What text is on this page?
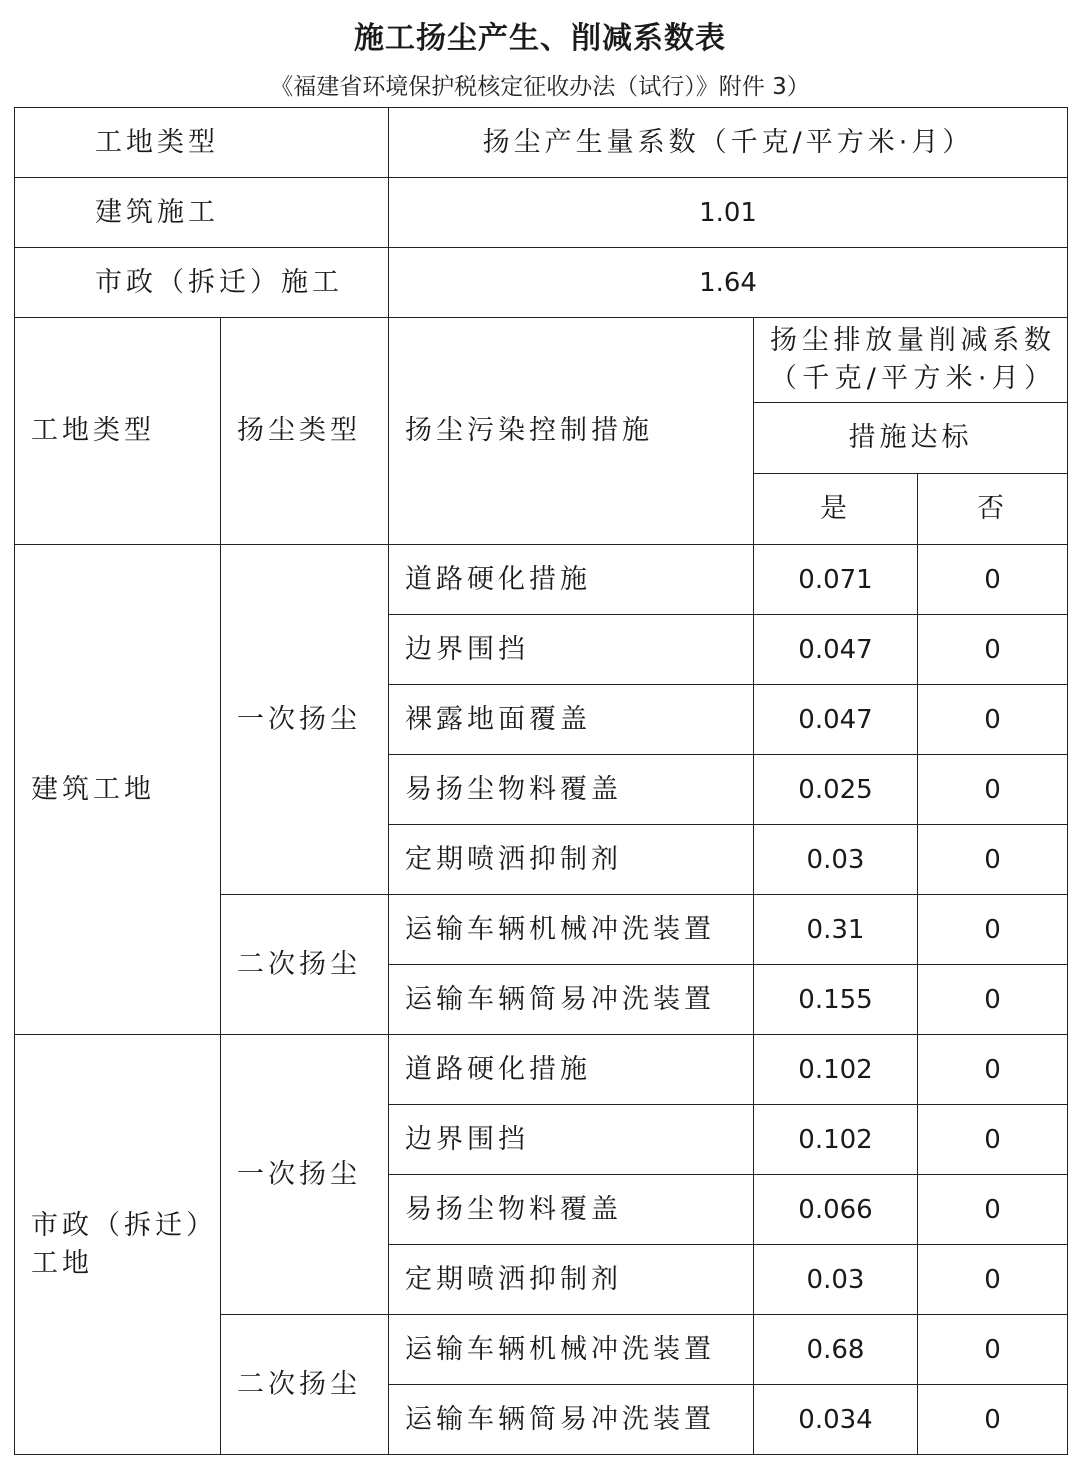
施工扬尘产生、削减系数表
《福建省环境保护税核定征收办法（试行）》附件 3）
工地类型		扬尘产生量系数（千克/平方米·月）		
建筑施工		1.01		
市政（拆迁）施工		1.64		
工地类型	扬尘类型	扬尘污染控制措施	扬尘排放量削减系数（千克/平方米·月）	
			措施达标	
			是	否
建筑工地	一次扬尘	道路硬化措施	0.071	0
		边界围挡	0.047	0
		裸露地面覆盖	0.047	0
		易扬尘物料覆盖	0.025	0
		定期喷洒抑制剂	0.03	0
	二次扬尘	运输车辆机械冲洗装置	0.31	0
		运输车辆简易冲洗装置	0.155	0
市政（拆迁）工地	一次扬尘	道路硬化措施	0.102	0
		边界围挡	0.102	0
		易扬尘物料覆盖	0.066	0
		定期喷洒抑制剂	0.03	0
	二次扬尘	运输车辆机械冲洗装置	0.68	0
		运输车辆简易冲洗装置	0.034	0
